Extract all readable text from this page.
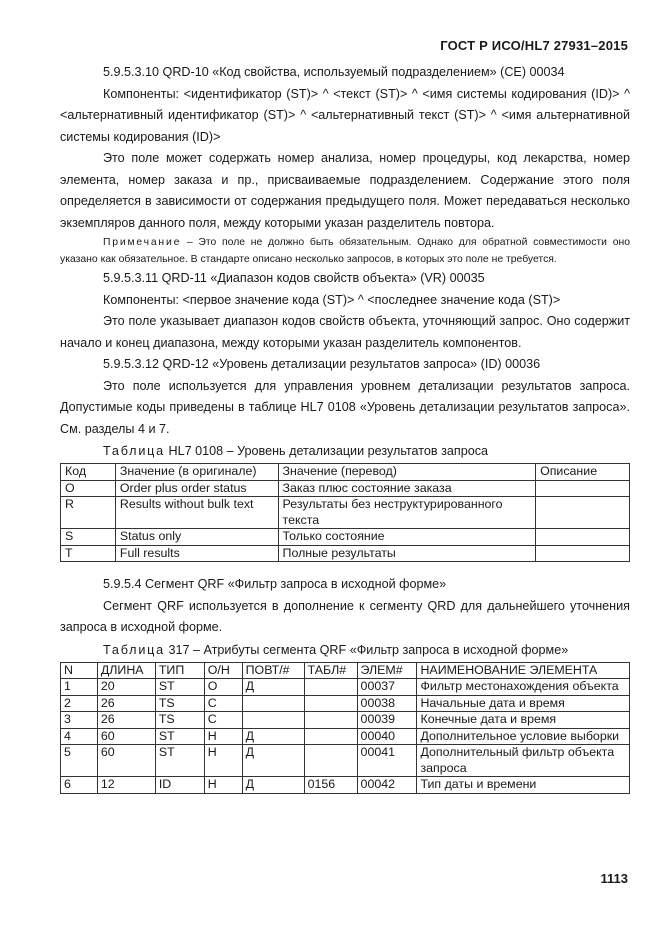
ГОСТ Р ИСО/HL7 27931–2015

5.9.5.3.10 QRD-10 «Код свойства, используемый подразделением» (CE) 00034

Компоненты: <идентификатор (ST)> ^ <текст (ST)> ^ <имя системы кодирования (ID)> ^ <альтернативный идентификатор (ST)> ^ <альтернативный текст (ST)> ^ <имя альтернативной системы кодирования (ID)>

Это поле может содержать номер анализа, номер процедуры, код лекарства, номер элемента, номер заказа и пр., присваиваемые подразделением. Содержание этого поля определяется в зависимости от содержания предыдущего поля. Может передаваться несколько экземпляров данного поля, между которыми указан разделитель повтора.

Примечание – Это поле не должно быть обязательным. Однако для обратной совместимости оно указано как обязательное. В стандарте описано несколько запросов, в которых это поле не требуется.

5.9.5.3.11 QRD-11 «Диапазон кодов свойств объекта» (VR) 00035

Компоненты: <первое значение кода (ST)> ^ <последнее значение кода (ST)>

Это поле указывает диапазон кодов свойств объекта, уточняющий запрос. Оно содержит начало и конец диапазона, между которыми указан разделитель компонентов.

5.9.5.3.12 QRD-12 «Уровень детализации результатов запроса» (ID) 00036

Это поле используется для управления уровнем детализации результатов запроса. Допустимые коды приведены в таблице HL7 0108 «Уровень детализации результатов запроса». См. разделы 4 и 7.

Таблица HL7 0108 – Уровень детализации результатов запроса
Код	Значение (в оригинале)	Значение (перевод)	Описание
O	Order plus order status	Заказ плюс состояние заказа	
R	Results without bulk text	Результаты без неструктурированного текста	
S	Status only	Только состояние	
T	Full results	Полные результаты	

5.9.5.4 Сегмент QRF «Фильтр запроса в исходной форме»

Сегмент QRF используется в дополнение к сегменту QRD для дальнейшего уточнения запроса в исходной форме.

Таблица 317 – Атрибуты сегмента QRF «Фильтр запроса в исходной форме»
N	ДЛИНА	ТИП	О/Н	ПОВТ/#	ТАБЛ#	ЭЛЕМ#	НАИМЕНОВАНИЕ ЭЛЕМЕНТА
1	20	ST	О	Д		00037	Фильтр местонахождения объекта
2	26	TS	С			00038	Начальные дата и время
3	26	TS	С			00039	Конечные дата и время
4	60	ST	Н	Д		00040	Дополнительное условие выборки
5	60	ST	Н	Д		00041	Дополнительный фильтр объекта запроса
6	12	ID	Н	Д	0156	00042	Тип даты и времени
1113
